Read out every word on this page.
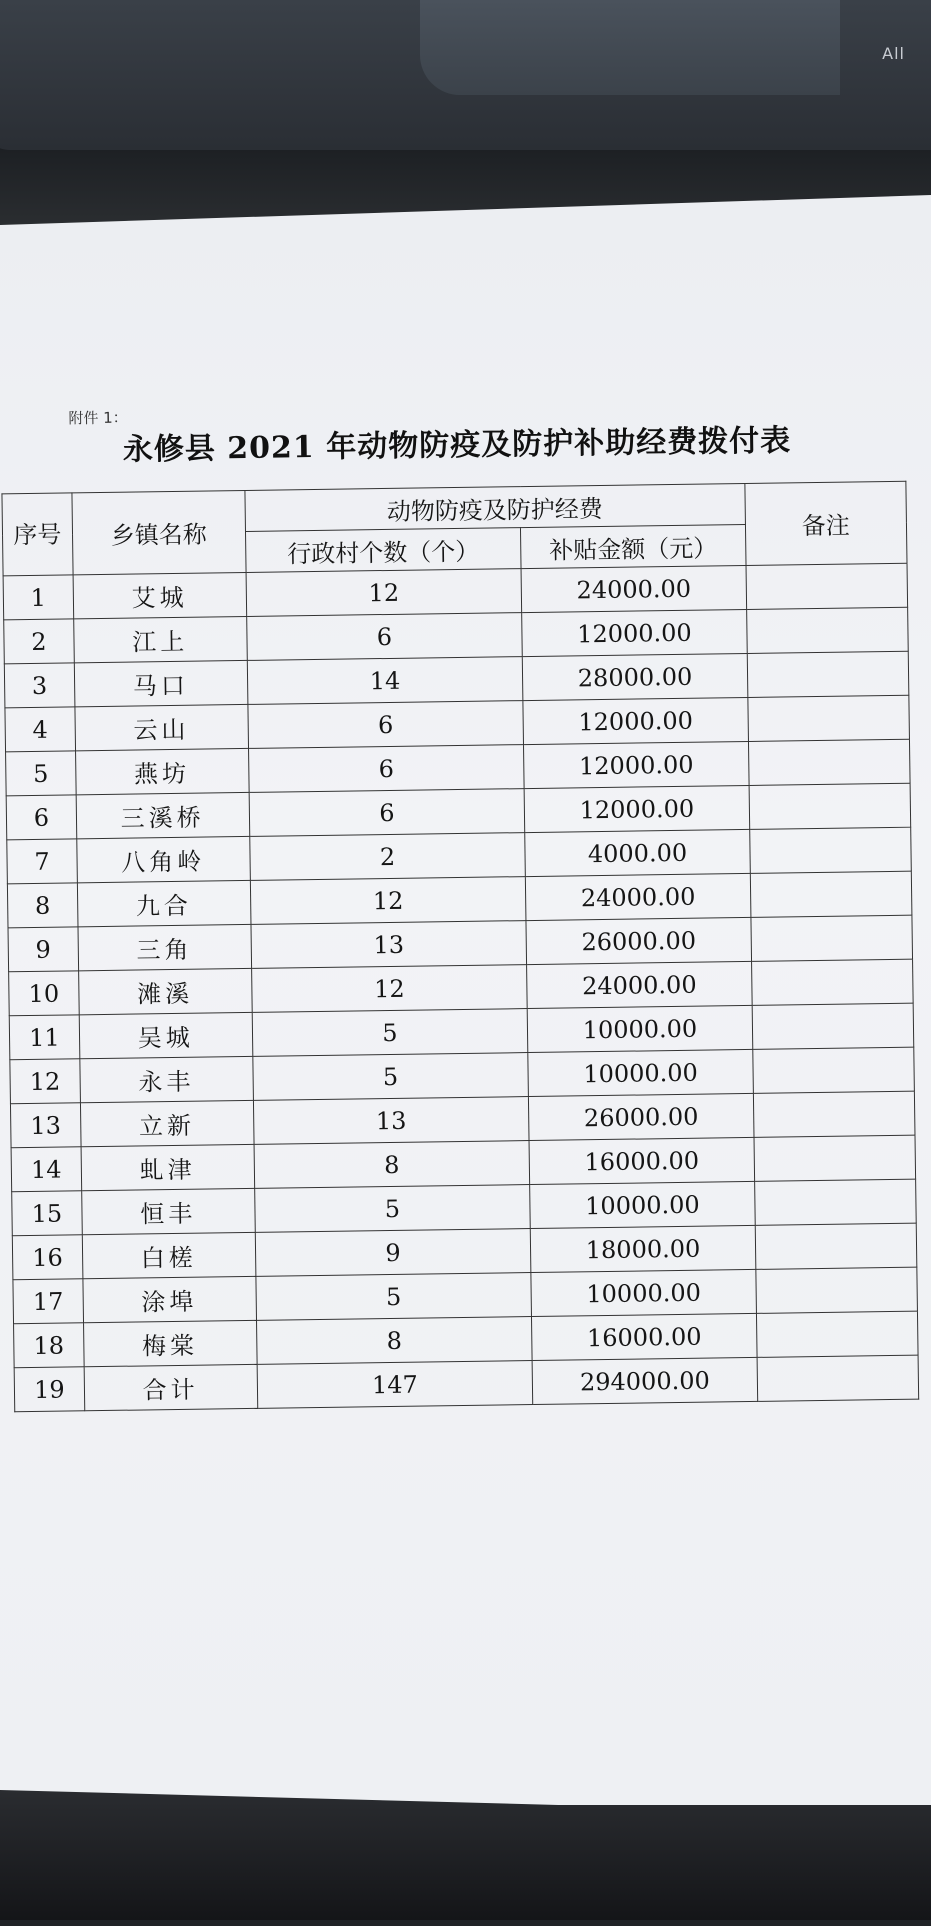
All
附件 1：
永修县 2021 年动物防疫及防护补助经费拨付表
序号	乡镇名称	动物防疫及防护经费		备注
		行政村个数（个）	补贴金额（元）	
1	艾城	12	24000.00	
2	江上	6	12000.00	
3	马口	14	28000.00	
4	云山	6	12000.00	
5	燕坊	6	12000.00	
6	三溪桥	6	12000.00	
7	八角岭	2	4000.00	
8	九合	12	24000.00	
9	三角	13	26000.00	
10	滩溪	12	24000.00	
11	吴城	5	10000.00	
12	永丰	5	10000.00	
13	立新	13	26000.00	
14	虬津	8	16000.00	
15	恒丰	5	10000.00	
16	白槎	9	18000.00	
17	涂埠	5	10000.00	
18	梅棠	8	16000.00	
19	合计	147	294000.00	
